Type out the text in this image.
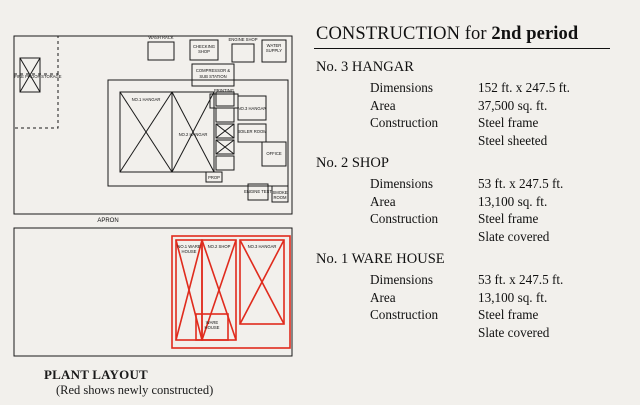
FIRE PROOF STORAGE
WASH RACK
CHECKING
SHOP
ENGINE SHOP
WATER
SUPPLY
COMPRESSOR &
SUB STATION
PRINTING
NO.1 HANGAR
NO.2 HANGAR
NO.3 HANGAR
BOILER ROOM
OFFICE
PROP
ENGINE TEST SMOKE
ROOM
APRON
NO.1 WARE
HOUSE
NO.2 SHOP	NO.3 HANGAR
WARE
HOUSE
PLANT LAYOUT
(Red shows newly constructed)
CONSTRUCTION for 2nd period
No. 3 HANGAR
Dimensions	152 ft. x 247.5 ft.
Area	37,500 sq. ft.
Construction	Steel frame
Steel sheeted
No. 2 SHOP
Dimensions	53 ft. x 247.5 ft.
Area	13,100 sq. ft.
Construction	Steel frame
Slate covered
No. 1 WARE HOUSE
Dimensions	53 ft. x 247.5 ft.
Area	13,100 sq. ft.
Construction	Steel frame
Slate covered
